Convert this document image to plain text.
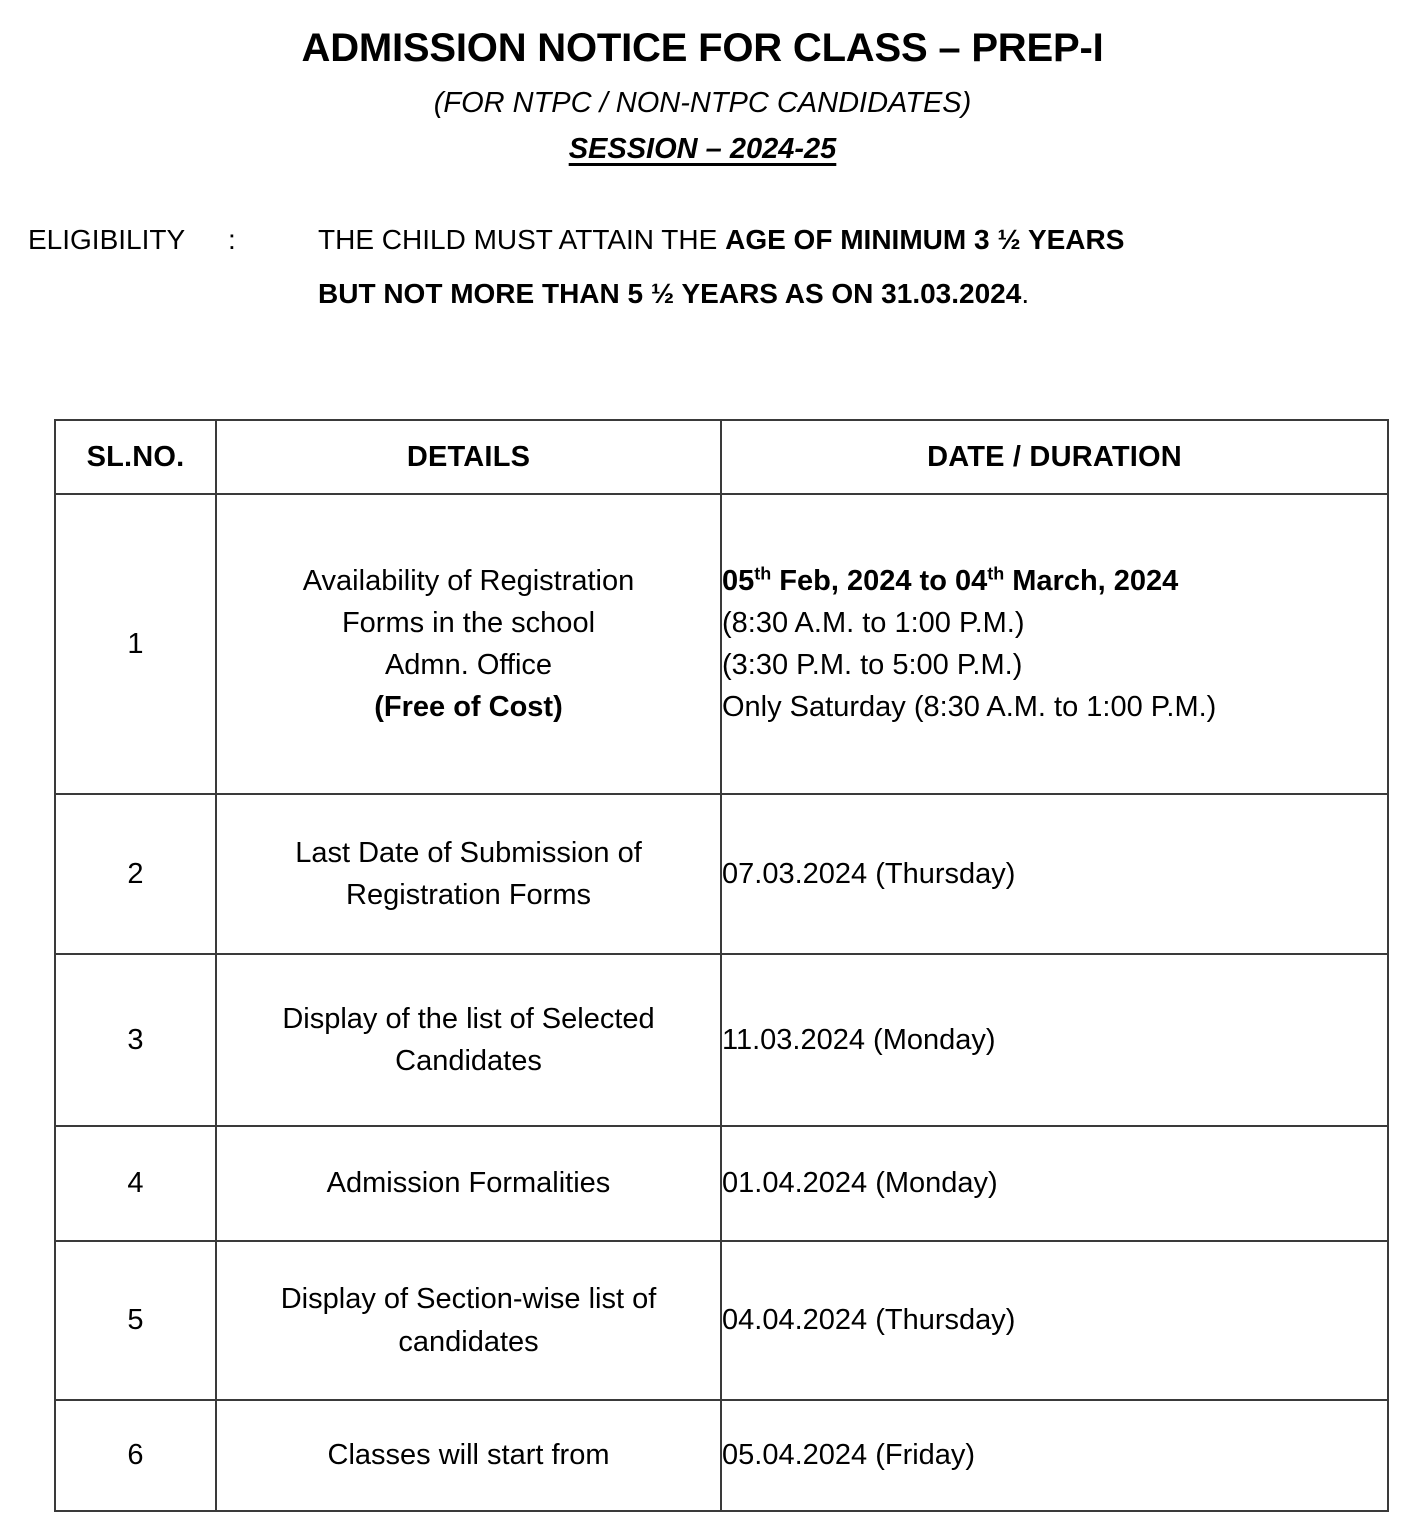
ADMISSION NOTICE FOR CLASS – PREP-I
(FOR NTPC / NON-NTPC CANDIDATES)
SESSION – 2024-25
ELIGIBILITY	:	THE CHILD MUST ATTAIN THE AGE OF MINIMUM 3 ½ YEARS
BUT NOT MORE THAN 5 ½ YEARS AS ON 31.03.2024.
SL.NO.	DETAILS	DATE / DURATION
1	Availability of Registration
Forms in the school
Admn. Office
(Free of Cost)	05th Feb, 2024 to 04th March, 2024
(8:30 A.M. to 1:00 P.M.)
(3:30 P.M. to 5:00 P.M.)
Only Saturday (8:30 A.M. to 1:00 P.M.)

2	Last Date of Submission of
Registration Forms	07.03.2024 (Thursday)

3	Display of the list of Selected
Candidates	11.03.2024 (Monday)

4	Admission Formalities	01.04.2024 (Monday)

5	Display of Section-wise list of
candidates	04.04.2024 (Thursday)

6	Classes will start from	05.04.2024 (Friday)
